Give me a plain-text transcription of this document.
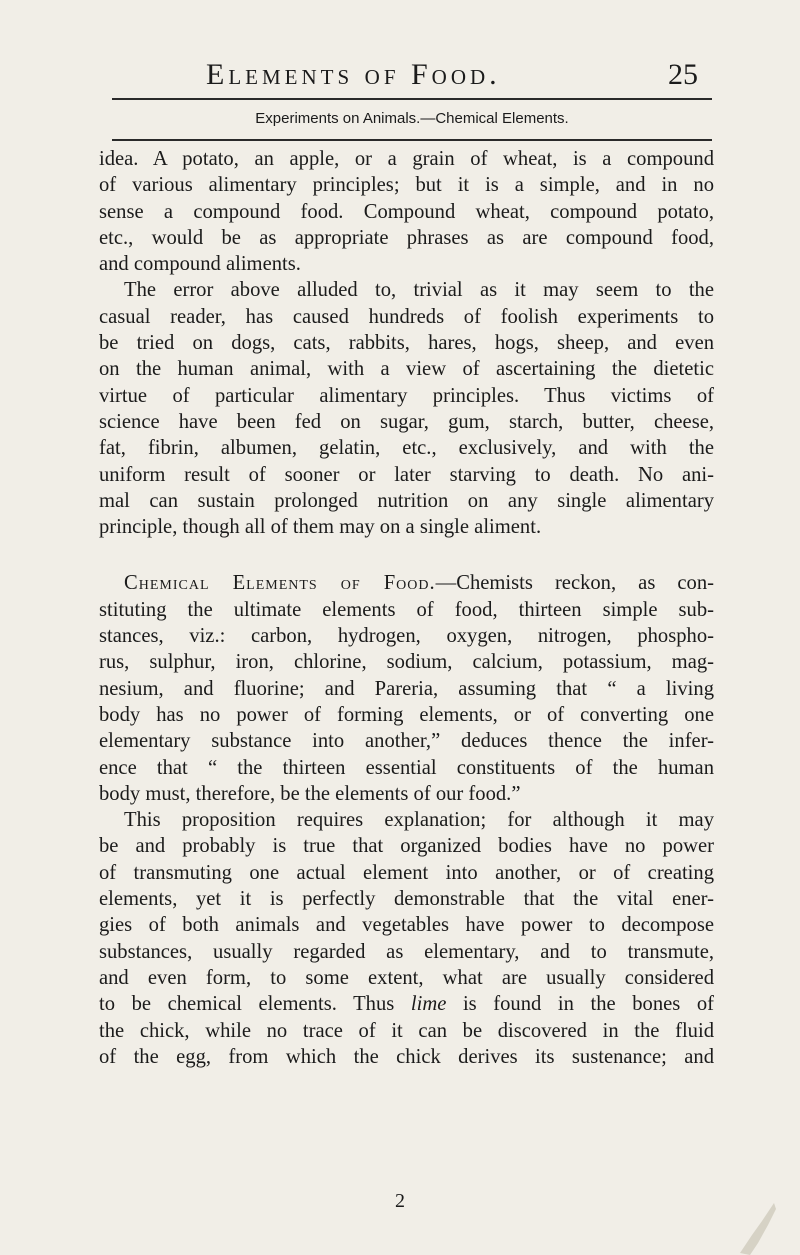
Elements of Food.	25
Experiments on Animals.—Chemical Elements.
idea. A potato, an apple, or a grain of wheat, is a compound
of various alimentary principles; but it is a simple, and in no
sense a compound food. Compound wheat, compound potato,
etc., would be as appropriate phrases as are compound food,
and compound aliments.
The error above alluded to, trivial as it may seem to the
casual reader, has caused hundreds of foolish experiments to
be tried on dogs, cats, rabbits, hares, hogs, sheep, and even
on the human animal, with a view of ascertaining the dietetic
virtue of particular alimentary principles. Thus victims of
science have been fed on sugar, gum, starch, butter, cheese,
fat, fibrin, albumen, gelatin, etc., exclusively, and with the
uniform result of sooner or later starving to death. No ani-
mal can sustain prolonged nutrition on any single alimentary
principle, though all of them may on a single aliment.
Chemical Elements of Food.—Chemists reckon, as con-
stituting the ultimate elements of food, thirteen simple sub-
stances, viz.: carbon, hydrogen, oxygen, nitrogen, phospho-
rus, sulphur, iron, chlorine, sodium, calcium, potassium, mag-
nesium, and fluorine; and Pareria, assuming that “ a living
body has no power of forming elements, or of converting one
elementary substance into another,” deduces thence the infer-
ence that “ the thirteen essential constituents of the human
body must, therefore, be the elements of our food.”
This proposition requires explanation; for although it may
be and probably is true that organized bodies have no power
of transmuting one actual element into another, or of creating
elements, yet it is perfectly demonstrable that the vital ener-
gies of both animals and vegetables have power to decompose
substances, usually regarded as elementary, and to transmute,
and even form, to some extent, what are usually considered
to be chemical elements. Thus lime is found in the bones of
the chick, while no trace of it can be discovered in the fluid
of the egg, from which the chick derives its sustenance; and
2
